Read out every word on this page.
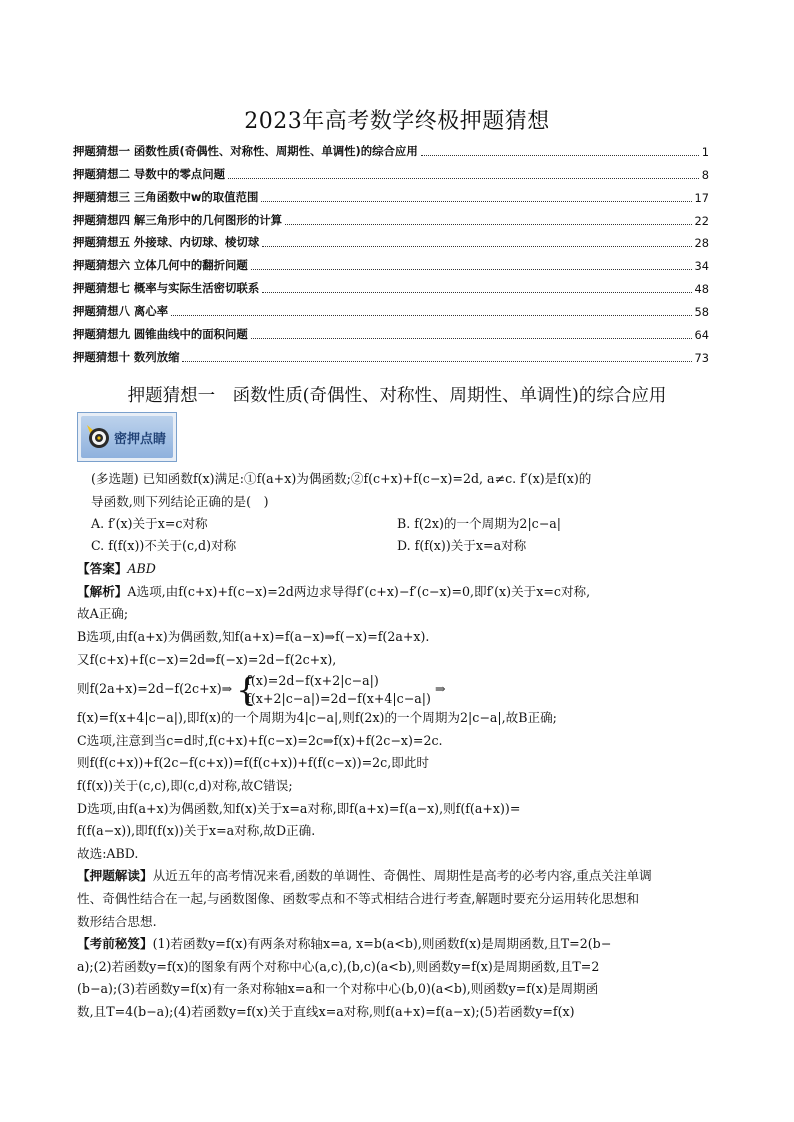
2023年高考数学终极押题猜想
押题猜想一 函数性质(奇偶性、对称性、周期性、单调性)的综合应用	1
押题猜想二 导数中的零点问题	8
押题猜想三 三角函数中w的取值范围	17
押题猜想四 解三角形中的几何图形的计算	22
押题猜想五 外接球、内切球、棱切球	28
押题猜想六 立体几何中的翻折问题	34
押题猜想七 概率与实际生活密切联系	48
押题猜想八 离心率	58
押题猜想九 圆锥曲线中的面积问题	64
押题猜想十 数列放缩	73
押题猜想一　函数性质(奇偶性、对称性、周期性、单调性)的综合应用
密押点睛
(多选题) 已知函数f(x)满足:①f(a+x)为偶函数;②f(c+x)+f(c−x)=2d, a≠c. f′(x)是f(x)的
导函数,则下列结论正确的是(　)
A. f′(x)关于x=c对称	B. f(2x)的一个周期为2|c−a|
C. f(f(x))不关于(c,d)对称	D. f(f(x))关于x=a对称
【答案】ABD
【解析】A选项,由f(c+x)+f(c−x)=2d两边求导得f′(c+x)−f′(c−x)=0,即f′(x)关于x=c对称,
故A正确;
B选项,由f(a+x)为偶函数,知f(a+x)=f(a−x)⇒f(−x)=f(2a+x).
又f(c+x)+f(c−x)=2d⇒f(−x)=2d−f(2c+x),
则f(2a+x)=2d−f(2c+x)⇒ {
f(x)=2d−f(x+2|c−a|)
f(x+2|c−a|)=2d−f(x+4|c−a|)
⇒
f(x)=f(x+4|c−a|),即f(x)的一个周期为4|c−a|,则f(2x)的一个周期为2|c−a|,故B正确;
C选项,注意到当c=d时,f(c+x)+f(c−x)=2c⇒f(x)+f(2c−x)=2c.
则f(f(c+x))+f(2c−f(c+x))=f(f(c+x))+f(f(c−x))=2c,即此时
f(f(x))关于(c,c),即(c,d)对称,故C错误;
D选项,由f(a+x)为偶函数,知f(x)关于x=a对称,即f(a+x)=f(a−x),则f(f(a+x))=
f(f(a−x)),即f(f(x))关于x=a对称,故D正确.
故选:ABD.
【押题解读】从近五年的高考情况来看,函数的单调性、奇偶性、周期性是高考的必考内容,重点关注单调
性、奇偶性结合在一起,与函数图像、函数零点和不等式相结合进行考查,解题时要充分运用转化思想和
数形结合思想.
【考前秘笈】(1)若函数y=f(x)有两条对称轴x=a, x=b(a<b),则函数f(x)是周期函数,且T=2(b−
a);(2)若函数y=f(x)的图象有两个对称中心(a,c),(b,c)(a<b),则函数y=f(x)是周期函数,且T=2
(b−a);(3)若函数y=f(x)有一条对称轴x=a和一个对称中心(b,0)(a<b),则函数y=f(x)是周期函
数,且T=4(b−a);(4)若函数y=f(x)关于直线x=a对称,则f(a+x)=f(a−x);(5)若函数y=f(x)
